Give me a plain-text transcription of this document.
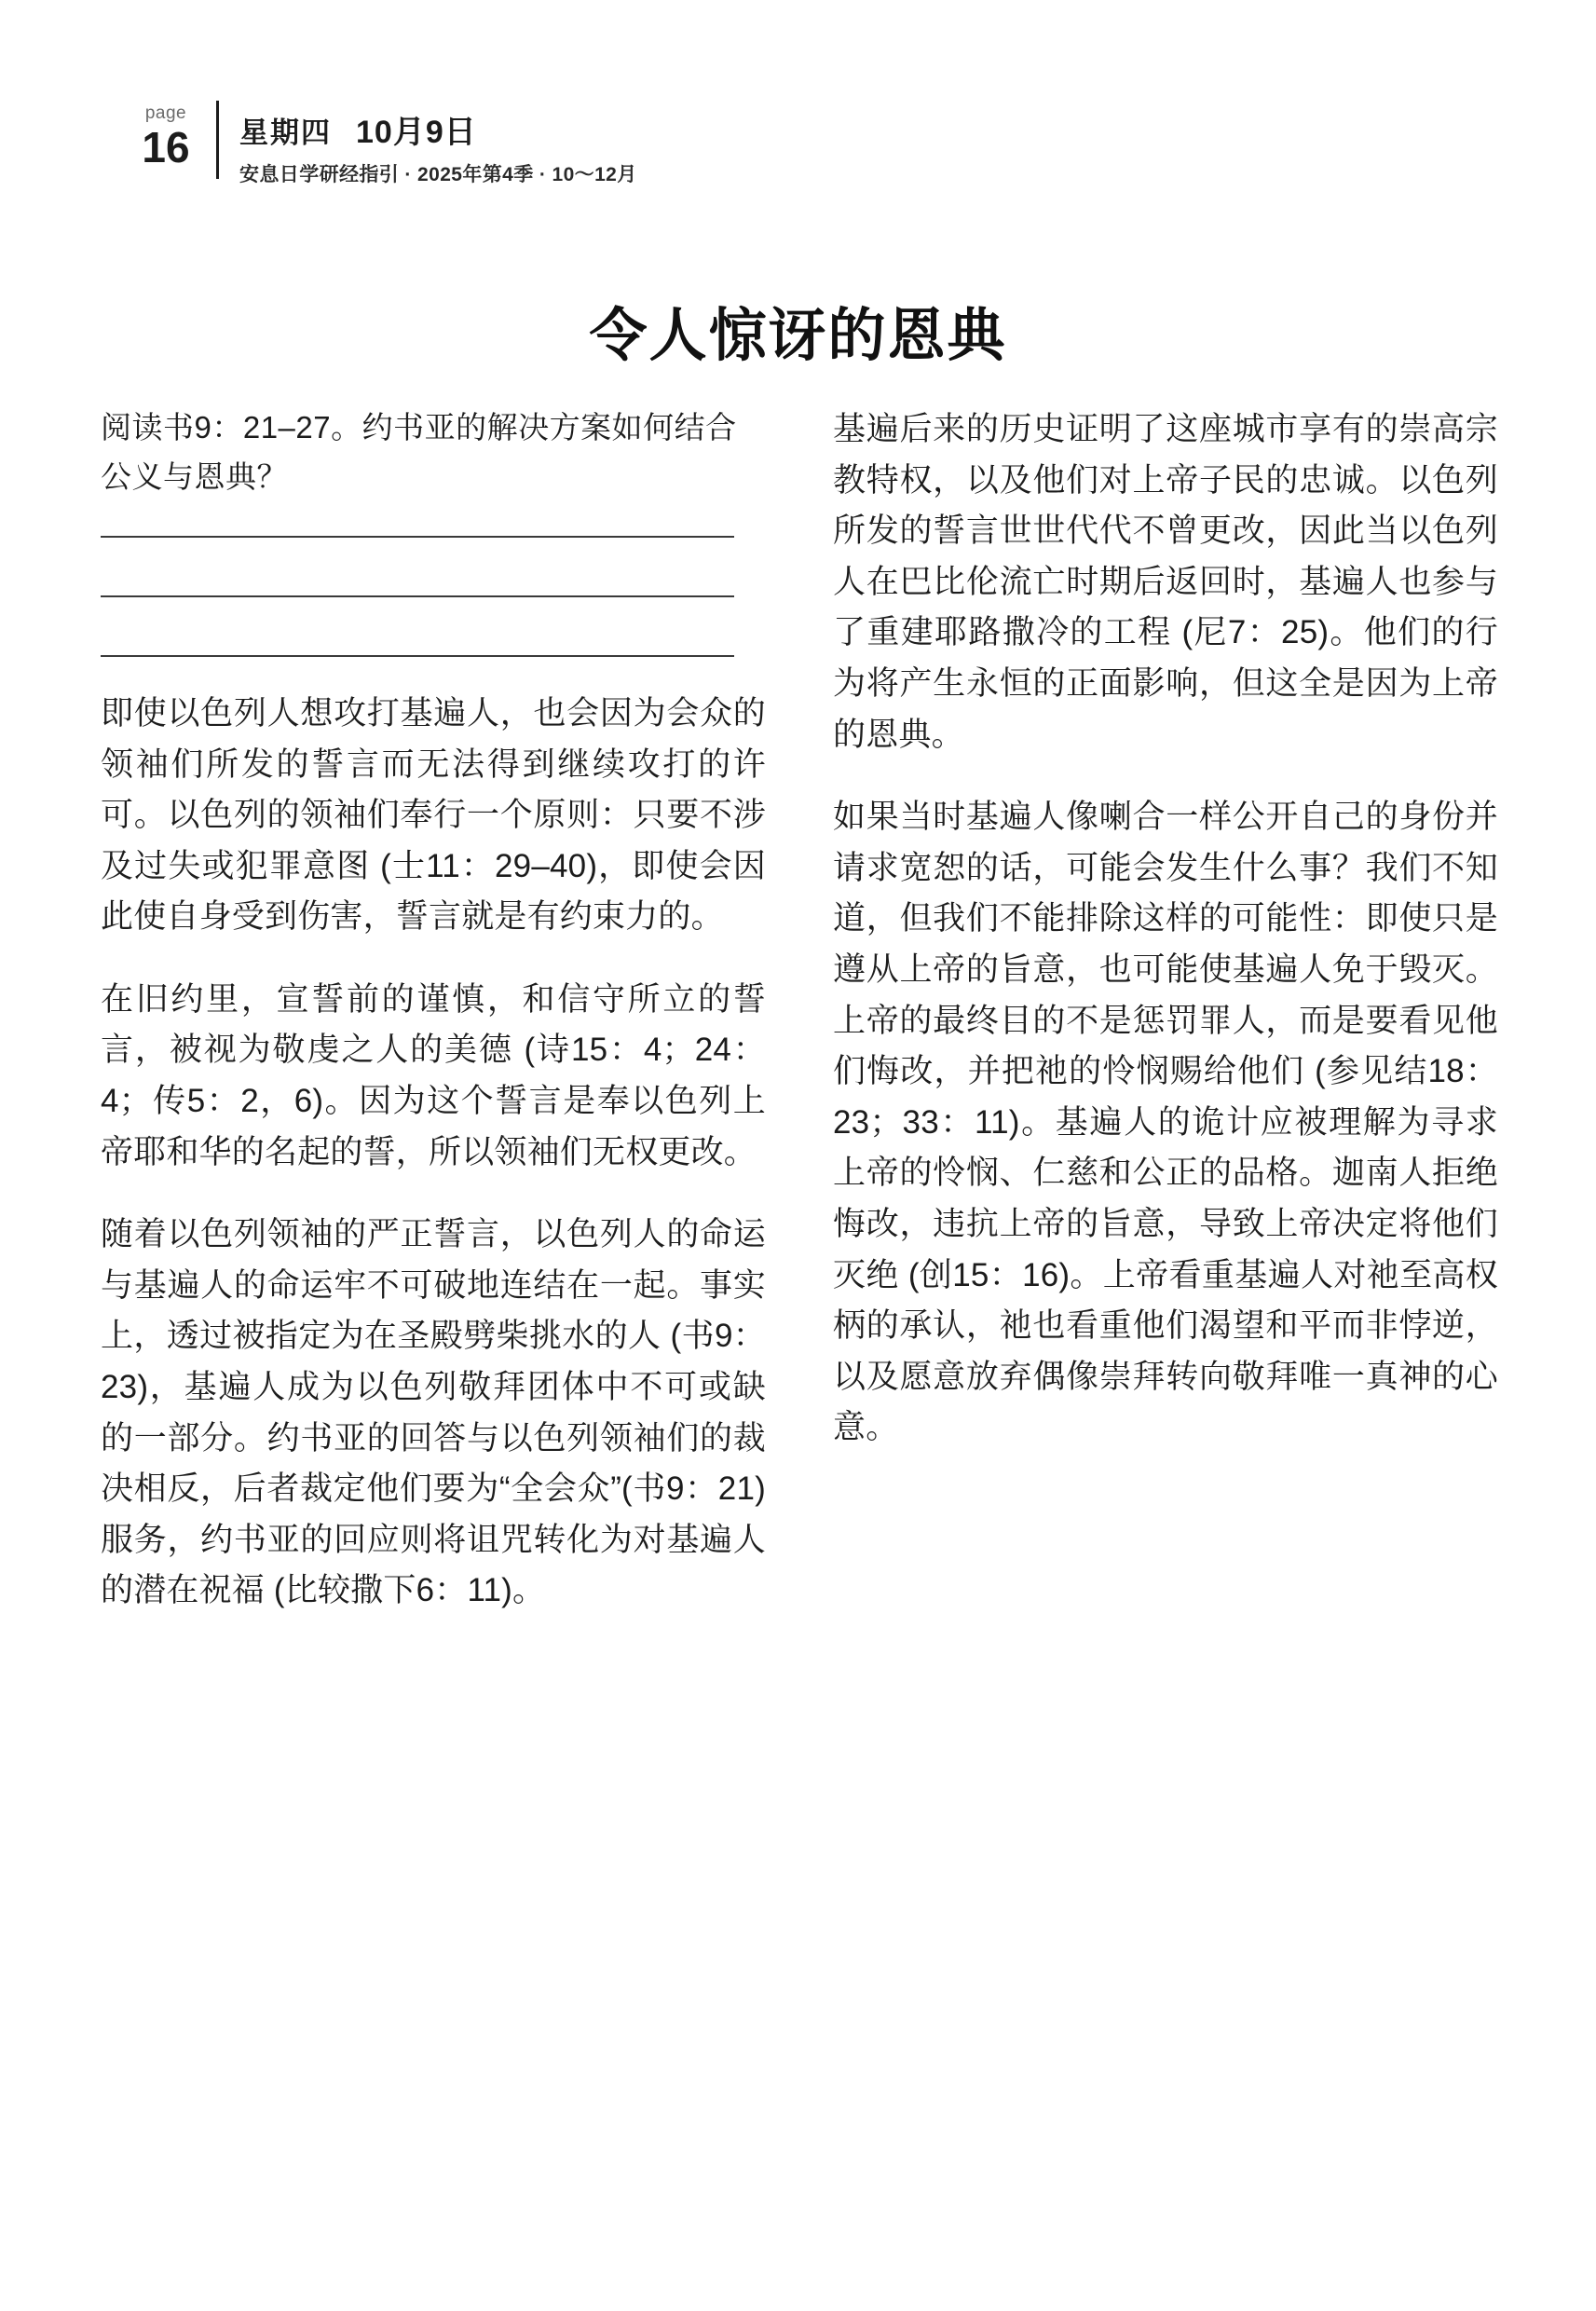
page
16 星期四 10月9日
安息日学研经指引 · 2025年第4季 · 10～12月
令人惊讶的恩典

阅读书9：21–27。约书亚的解决方案如何结合公义与恩典？

即使以色列人想攻打基遍人，也会因为会众的领袖们所发的誓言而无法得到继续攻打的许可。以色列的领袖们奉行一个原则：只要不涉及过失或犯罪意图 (士11：29–40)，即使会因此使自身受到伤害，誓言就是有约束力的。

在旧约里，宣誓前的谨慎，和信守所立的誓言，被视为敬虔之人的美德 (诗15：4；24：4；传5：2，6)。因为这个誓言是奉以色列上帝耶和华的名起的誓，所以领袖们无权更改。

随着以色列领袖的严正誓言，以色列人的命运与基遍人的命运牢不可破地连结在一起。事实上，透过被指定为在圣殿劈柴挑水的人 (书9：23)，基遍人成为以色列敬拜团体中不可或缺的一部分。约书亚的回答与以色列领袖们的裁决相反，后者裁定他们要为“全会众”(书9：21) 服务，约书亚的回应则将诅咒转化为对基遍人的潜在祝福 (比较撒下6：11)。

基遍后来的历史证明了这座城市享有的崇高宗教特权，以及他们对上帝子民的忠诚。以色列所发的誓言世世代代不曾更改，因此当以色列人在巴比伦流亡时期后返回时，基遍人也参与了重建耶路撒冷的工程 (尼7：25)。他们的行为将产生永恒的正面影响，但这全是因为上帝的恩典。

如果当时基遍人像喇合一样公开自己的身份并请求宽恕的话，可能会发生什么事？我们不知道，但我们不能排除这样的可能性：即使只是遵从上帝的旨意，也可能使基遍人免于毁灭。上帝的最终目的不是惩罚罪人，而是要看见他们悔改，并把祂的怜悯赐给他们 (参见结18：23；33：11)。基遍人的诡计应被理解为寻求上帝的怜悯、仁慈和公正的品格。迦南人拒绝悔改，违抗上帝的旨意，导致上帝决定将他们灭绝 (创15：16)。上帝看重基遍人对祂至高权柄的承认，祂也看重他们渴望和平而非悖逆，以及愿意放弃偶像崇拜转向敬拜唯一真神的心意。
